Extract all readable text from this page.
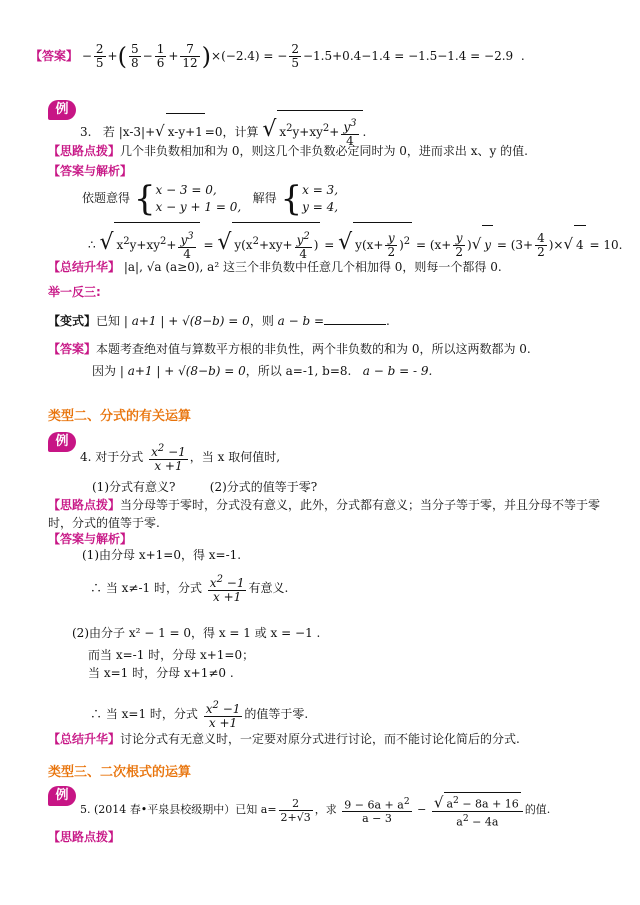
【答案】 − $\frac{2}{5}$ +( $\frac{5}{8} - \frac{1}{6} + \frac{7}{12} )\times(-2.4)$ = − $\frac{2}{5} -1.5+0.4-1.4 = -1.5-1.4 = -2.9$  .
例
3. 若 |x-3|+√ x-y+1 =0，计算 √ $x^2y+xy^2+ \frac{y^3}{4}$ .
【思路点拨】几个非负数相加和为 0，则这几个非负数必定同时为 0，进而求出 x、y 的值.
【答案与解析】
依题意得 {x − 3 = 0,
x − y + 1 = 0,   解得 {x = 3,
y = 4,
∴ √ $x^2y+xy^2+ \frac{y^3}{4}$ = √ $y(x^2+xy+ \frac{y^2}{4}$ ) = √ $y(x+ \frac{y}{2} )^2 = (x+ \frac{y}{2}$ )√ $y = (3+ \frac{4}{2}$ )×√ 4 = 10.
【总结升华】 |a|, √a (a≥0), a² 这三个非负数中任意几个相加得 0，则每一个都得 0.
举一反三:
【变式】已知 | a+1 | + √(8−b) = 0，则 a − b =	.
【答案】本题考查绝对值与算数平方根的非负性，两个非负数的和为 0，所以这两数都为 0.
因为 | a+1 | + √(8−b) = 0，所以 a=-1, b=8. a − b = - 9.
类型二、分式的有关运算
例
4. 对于分式 $\frac{x^2 -1}{x +1}$ ，当 x 取何值时,
(1)分式有意义?	(2)分式的值等于零?
【思路点拨】当分母等于零时，分式没有意义，此外，分式都有意义；当分子等于零，并且分母不等于零时，分式的值等于零.
【答案与解析】
(1)由分母 x+1=0，得 x=-1.
∴ 当 x≠-1 时，分式 $\frac{x^2 -1}{x +1}$ 有意义.
(2)由分子 x² − 1 = 0，得 x = 1 或 x = −1 .
而当 x=-1 时，分母 x+1=0；
当 x=1 时，分母 x+1≠0 .
∴ 当 x=1 时，分式 $\frac{x^2 -1}{x +1}$ 的值等于零.
【总结升华】讨论分式有无意义时，一定要对原分式进行讨论，而不能讨论化简后的分式.
类型三、二次根式的运算
例
5. (2014 春•平泉县校级期中）已知 $a= \frac{2}{2+√3}$ ，求 $\frac{9 - 6a + a^2}{a - 3} - \frac{√ a^2 - 8a + 16}{a^2 - 4a}$ 的值.
【思路点拨】
